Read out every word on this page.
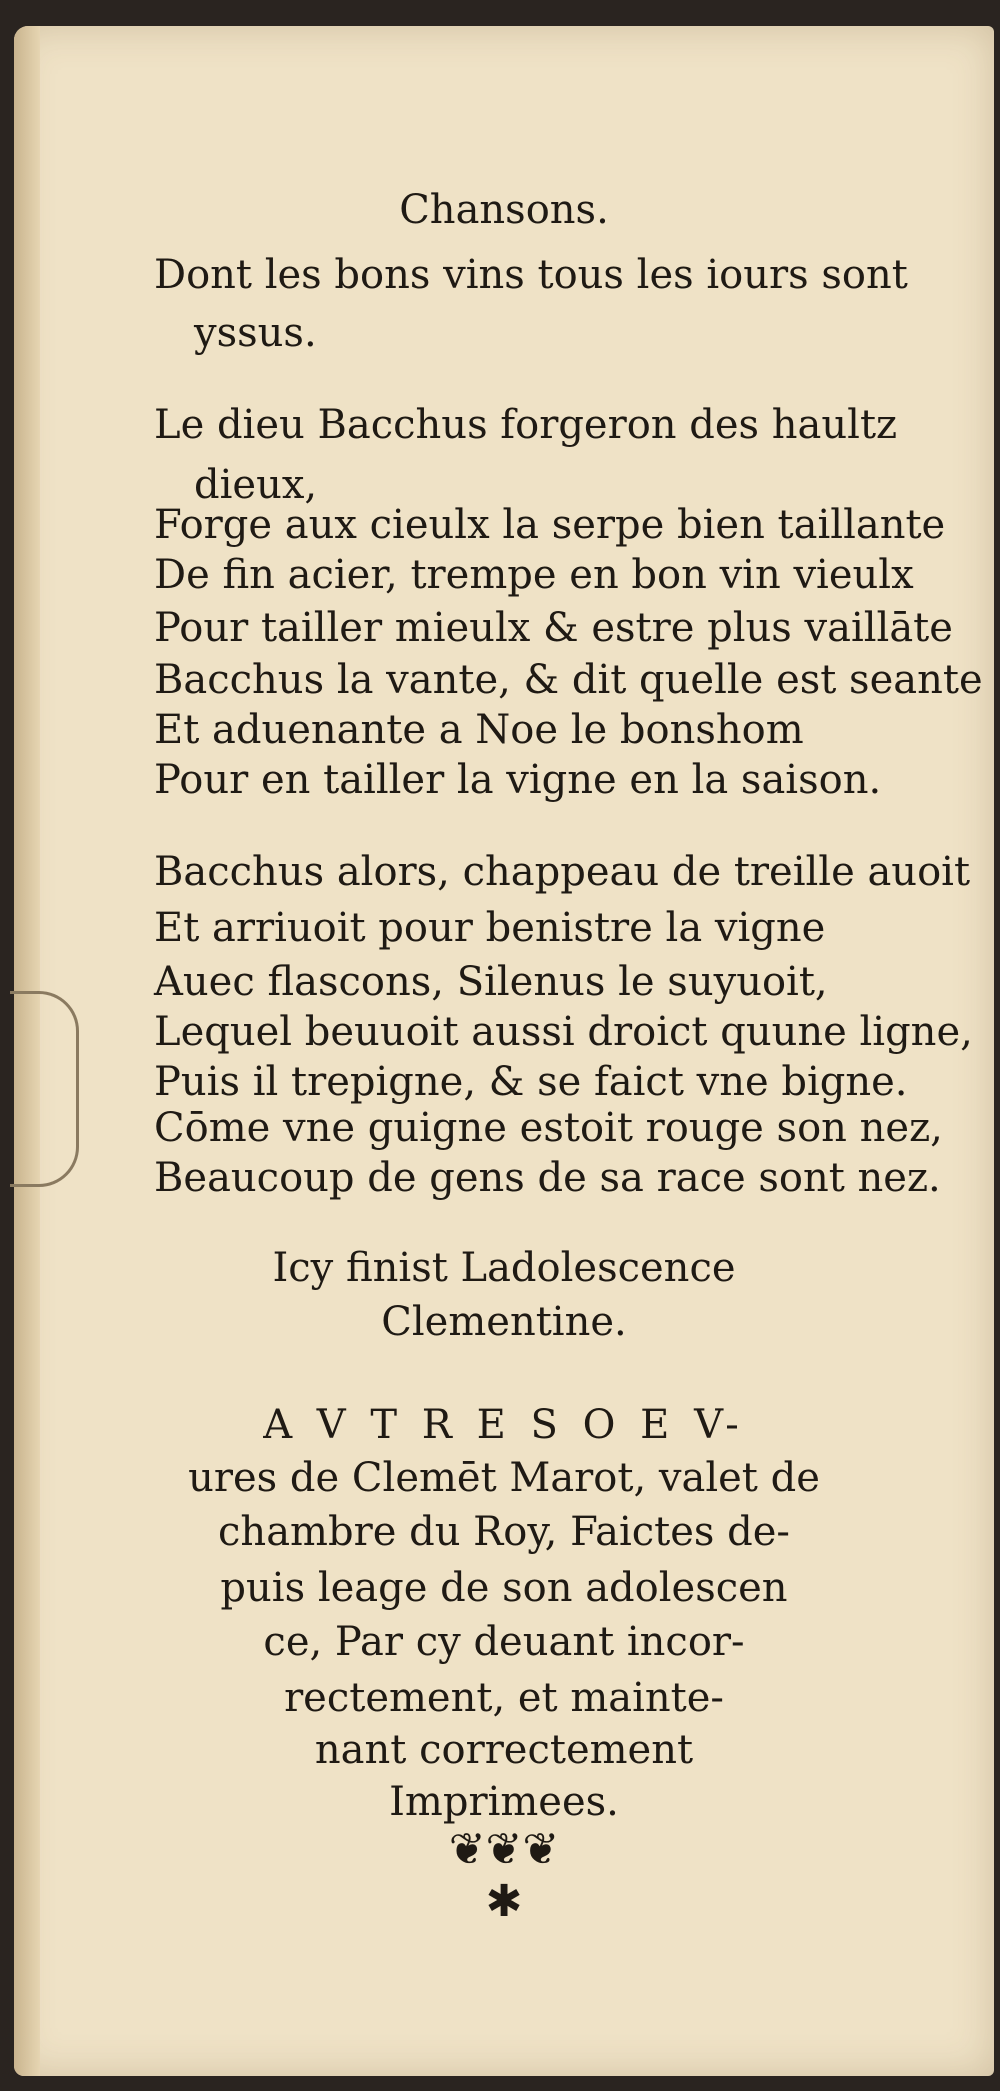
Chansons.
Dont les bons vins tous les iours sont
yssus.
Le dieu Bacchus forgeron des haultz
dieux,
Forge aux cieulx la serpe bien taillante
De fin acier, trempe en bon vin vieulx
Pour tailler mieulx & estre plus vaillāte
Bacchus la vante, & dit quelle est seante
Et aduenante a Noe le bonshom
Pour en tailler la vigne en la saison.
Bacchus alors, chappeau de treille auoit
Et arriuoit pour benistre la vigne
Auec flascons, Silenus le suyuoit,
Lequel beuuoit aussi droict quune ligne,
Puis il trepigne, & se faict vne bigne.
Cōme vne guigne estoit rouge son nez,
Beaucoup de gens de sa race sont nez.
Icy finist Ladolescence
Clementine.
A V T R E S O E V-
ures de Clemēt Marot, valet de
chambre du Roy, Faictes de-
puis leage de son adolescen
ce, Par cy deuant incor-
rectement, et mainte-
nant correctement
Imprimees.
❦❦❦
✱
